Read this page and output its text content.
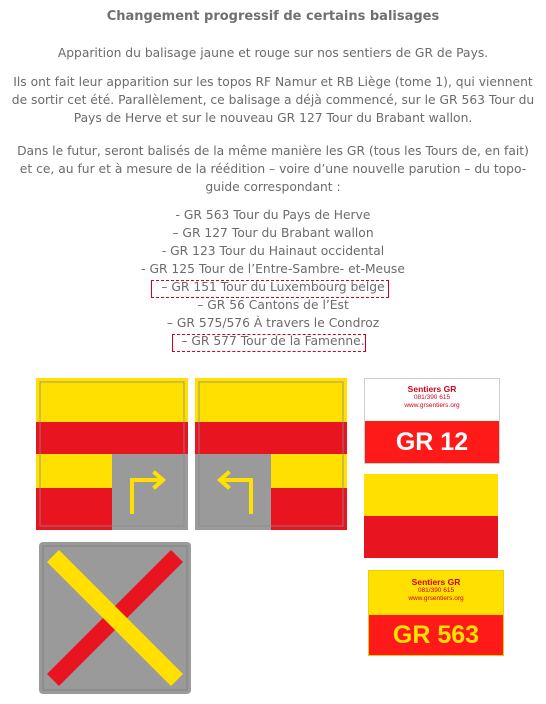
Changement progressif de certains balisages
Apparition du balisage jaune et rouge sur nos sentiers de GR de Pays.
Ils ont fait leur apparition sur les topos RF Namur et RB Liège (tome 1), qui viennent de sortir cet été. Parallèlement, ce balisage a déjà commencé, sur le GR 563 Tour du Pays de Herve et sur le nouveau GR 127 Tour du Brabant wallon.
Dans le futur, seront balisés de la même manière les GR (tous les Tours de, en fait) et ce, au fur et à mesure de la réédition – voire d’une nouvelle parution – du topo-guide correspondant :
- GR 563 Tour du Pays de Herve
– GR 127 Tour du Brabant wallon
- GR 123 Tour du Hainaut occidental
- GR 125 Tour de l’Entre-Sambre- et-Meuse
– GR 151 Tour du Luxembourg belge
– GR 56 Cantons de l’Est
– GR 575/576 À travers le Condroz
– GR 577 Tour de la Famenne.
Sentiers GR
081/390 615
www.grsentiers.org
GR 12
Sentiers GR
081/390 615
www.grsentiers.org
GR 563
